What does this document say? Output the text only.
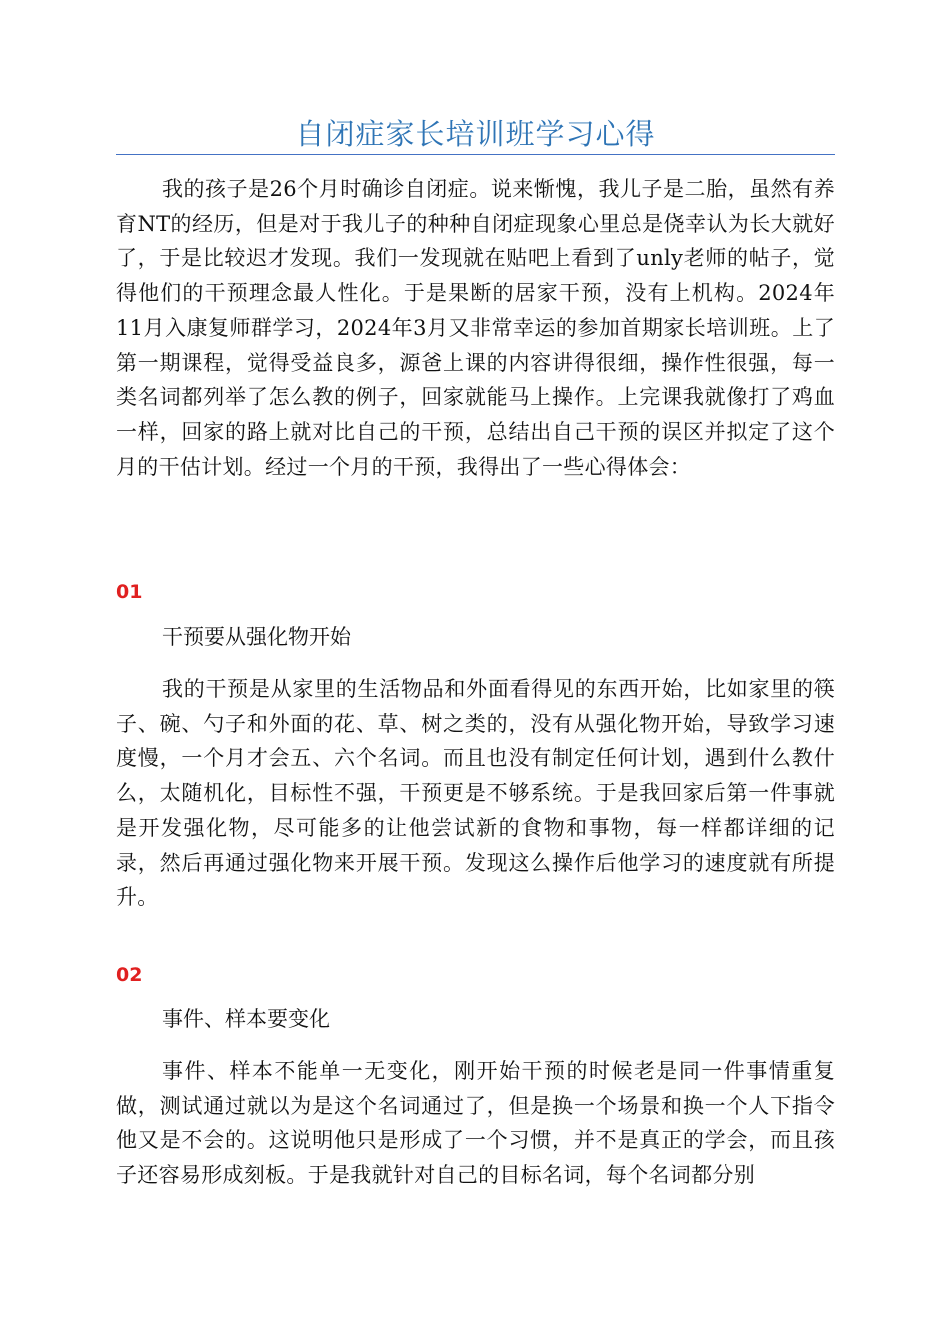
自闭症家长培训班学习心得

我的孩子是26个月时确诊自闭症。说来惭愧，我儿子是二胎，虽然有养育NT的经历，但是对于我儿子的种种自闭症现象心里总是侥幸认为长大就好了，于是比较迟才发现。我们一发现就在贴吧上看到了unly老师的帖子，觉得他们的干预理念最人性化。于是果断的居家干预，没有上机构。2024年11月入康复师群学习，2024年3月又非常幸运的参加首期家长培训班。上了第一期课程，觉得受益良多，源爸上课的内容讲得很细，操作性很强，每一类名词都列举了怎么教的例子，回家就能马上操作。上完课我就像打了鸡血一样，回家的路上就对比自己的干预，总结出自己干预的误区并拟定了这个月的干估计划。经过一个月的干预，我得出了一些心得体会：

01
干预要从强化物开始

我的干预是从家里的生活物品和外面看得见的东西开始，比如家里的筷子、碗、勺子和外面的花、草、树之类的，没有从强化物开始，导致学习速度慢，一个月才会五、六个名词。而且也没有制定任何计划，遇到什么教什么，太随机化，目标性不强，干预更是不够系统。于是我回家后第一件事就是开发强化物，尽可能多的让他尝试新的食物和事物，每一样都详细的记录，然后再通过强化物来开展干预。发现这么操作后他学习的速度就有所提升。

02
事件、样本要变化

事件、样本不能单一无变化，刚开始干预的时候老是同一件事情重复做，测试通过就以为是这个名词通过了，但是换一个场景和换一个人下指令他又是不会的。这说明他只是形成了一个习惯，并不是真正的学会，而且孩子还容易形成刻板。于是我就针对自己的目标名词，每个名词都分别
